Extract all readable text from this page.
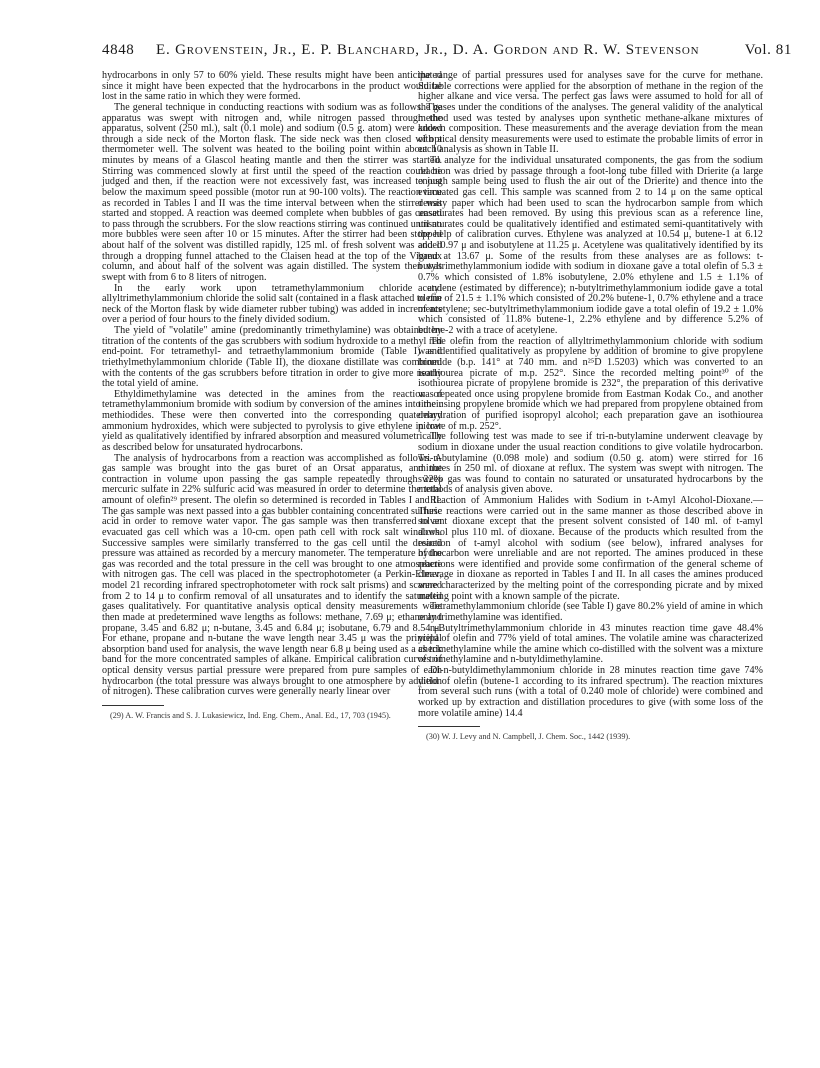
4848 E. Grovenstein, Jr., E. P. Blanchard, Jr., D. A. Gordon and R. W. Stevenson	Vol. 81

hydrocarbons in only 57 to 60% yield. These results might have been anticipated since it might have been expected that the hydrocarbons in the product would be lost in the same ratio in which they were formed.

The general technique in conducting reactions with sodium was as follows. The apparatus was swept with nitrogen and, while nitrogen passed through the apparatus, solvent (250 ml.), salt (0.1 mole) and sodium (0.5 g. atom) were added through a side neck of the Morton flask. The side neck was then closed with a thermometer well. The solvent was heated to the boiling point within about 10 minutes by means of a Glascol heating mantle and then the stirrer was started. Stirring was commenced slowly at first until the speed of the reaction could be judged and then, if the reaction were not excessively fast, was increased to just below the maximum speed possible (motor run at 90-100 volts). The reaction time as recorded in Tables I and II was the time interval between when the stirrer was started and stopped. A reaction was deemed complete when bubbles of gas ceased to pass through the scrubbers. For the slow reactions stirring was continued until no more bubbles were seen after 10 or 15 minutes. After the stirrer had been stopped about half of the solvent was distilled rapidly, 125 ml. of fresh solvent was added through a dropping funnel attached to the Claisen head at the top of the Vigreux column, and about half of the solvent was again distilled. The system then was swept with from 6 to 8 liters of nitrogen.

In the early work upon tetramethylammonium chloride and allyltrimethylammonium chloride the solid salt (contained in a flask attached to one neck of the Morton flask by wide diameter rubber tubing) was added in increments over a period of four hours to the finely divided sodium.

The yield of "volatile" amine (predominantly trimethylamine) was obtained by titration of the contents of the gas scrubbers with sodium hydroxide to a methyl red end-point. For tetramethyl- and tetraethylammonium bromide (Table I) and triethylmethylammonium chloride (Table II), the dioxane distillate was combined with the contents of the gas scrubbers before titration in order to give more nearly the total yield of amine.

Ethyldimethylamine was detected in the amines from the reaction of tetramethylammonium bromide with sodium by conversion of the amines into their methiodides. These were then converted into the corresponding quaternary ammonium hydroxides, which were subjected to pyrolysis to give ethylene in low yield as qualitatively identified by infrared absorption and measured volumetrically as described below for unsaturated hydrocarbons.

The analysis of hydrocarbons from a reaction was accomplished as follows. A gas sample was brought into the gas buret of an Orsat apparatus, and the contraction in volume upon passing the gas sample repeatedly through 22% mercuric sulfate in 22% sulfuric acid was measured in order to determine the total amount of olefin²⁹ present. The olefin so determined is recorded in Tables I and II. The gas sample was next passed into a gas bubbler containing concentrated sulfuric acid in order to remove water vapor. The gas sample was then transferred to an evacuated gas cell which was a 10-cm. open path cell with rock salt windows. Successive samples were similarly transferred to the gas cell until the desired pressure was attained as recorded by a mercury manometer. The temperature of the gas was recorded and the total pressure in the cell was brought to one atmosphere with nitrogen gas. The cell was placed in the spectrophotometer (a Perkin-Elmer, model 21 recording infrared spectrophotometer with rock salt prisms) and scanned from 2 to 14 μ to confirm removal of all unsaturates and to identify the saturated gases qualitatively. For quantitative analysis optical density measurements were then made at predetermined wave lengths as follows: methane, 7.69 μ; ethane and propane, 3.45 and 6.82 μ; n-butane, 3.45 and 6.84 μ; isobutane, 6.79 and 8.54 μ. For ethane, propane and n-butane the wave length near 3.45 μ was the principal absorption band used for analysis, the wave length near 6.8 μ being used as a check band for the more concentrated samples of alkane. Empirical calibration curves of optical density versus partial pressure were prepared from pure samples of each hydrocarbon (the total pressure was always brought to one atmosphere by addition of nitrogen). These calibration curves were generally nearly linear over

(29) A. W. Francis and S. J. Lukasiewicz, Ind. Eng. Chem., Anal. Ed., 17, 703 (1945).

the range of partial pressures used for analyses save for the curve for methane. Suitable corrections were applied for the absorption of methane in the region of the higher alkane and vice versa. The perfect gas laws were assumed to hold for all of the gases under the conditions of the analyses. The general validity of the analytical method used was tested by analyses upon synthetic methane-alkane mixtures of known composition. These measurements and the average deviation from the mean of optical density measurements were used to estimate the probable limits of error in each analysis as shown in Table II.

To analyze for the individual unsaturated components, the gas from the sodium reaction was dried by passage through a foot-long tube filled with Drierite (a large enough sample being used to flush the air out of the Drierite) and thence into the evacuated gas cell. This sample was scanned from 2 to 14 μ on the same optical density paper which had been used to scan the hydrocarbon sample from which unsaturates had been removed. By using this previous scan as a reference line, unsaturates could be qualitatively identified and estimated semi-quantitatively with the help of calibration curves. Ethylene was analyzed at 10.54 μ, butene-1 at 6.12 and 10.97 μ and isobutylene at 11.25 μ. Acetylene was qualitatively identified by its band at 13.67 μ. Some of the results from these analyses are as follows: t-butyltrimethylammonium iodide with sodium in dioxane gave a total olefin of 5.3 ± 0.7% which consisted of 1.8% isobutylene, 2.0% ethylene and 1.5 ± 1.1% of acetylene (estimated by difference); n-butyltrimethylammonium iodide gave a total olefin of 21.5 ± 1.1% which consisted of 20.2% butene-1, 0.7% ethylene and a trace of acetylene; sec-butyltrimethylammonium iodide gave a total olefin of 19.2 ± 1.0% which consisted of 11.8% butene-1, 2.2% ethylene and by difference 5.2% of butene-2 with a trace of acetylene.

The olefin from the reaction of allyltrimethylammonium chloride with sodium was identified qualitatively as propylene by addition of bromine to give propylene bromide (b.p. 141° at 740 mm. and n²⁵D 1.5203) which was converted to an isothiourea picrate of m.p. 252°. Since the recorded melting point³⁰ of the isothiourea picrate of propylene bromide is 232°, the preparation of this derivative was repeated once using propylene bromide from Eastman Kodak Co., and another time using propylene bromide which we had prepared from propylene obtained from dehydration of purified isopropyl alcohol; each preparation gave an isothiourea picrate of m.p. 252°.

The following test was made to see if tri-n-butylamine underwent cleavage by sodium in dioxane under the usual reaction conditions to give volatile hydrocarbon. Tri-n-butylamine (0.098 mole) and sodium (0.50 g. atom) were stirred for 16 minutes in 250 ml. of dioxane at reflux. The system was swept with nitrogen. The sweep gas was found to contain no saturated or unsaturated hydrocarbons by the methods of analysis given above.

Reaction of Ammonium Halides with Sodium in t-Amyl Alcohol-Dioxane.—These reactions were carried out in the same manner as those described above in solvent dioxane except that the present solvent consisted of 140 ml. of t-amyl alcohol plus 110 ml. of dioxane. Because of the products which resulted from the reaction of t-amyl alcohol with sodium (see below), infrared analyses for hydrocarbon were unreliable and are not reported. The amines produced in these reactions were identified and provide some confirmation of the general scheme of cleavage in dioxane as reported in Tables I and II. In all cases the amines produced were characterized by the melting point of the corresponding picrate and by mixed melting point with a known sample of the picrate.

Tetramethylammonium chloride (see Table I) gave 80.2% yield of amine in which only trimethylamine was identified.

n-Butyltrimethylammonium chloride in 43 minutes reaction time gave 48.4% yield of olefin and 77% yield of total amines. The volatile amine was characterized as trimethylamine while the amine which co-distilled with the solvent was a mixture of trimethylamine and n-butyldimethylamine.

Di-n-butyldimethylammonium chloride in 28 minutes reaction time gave 74% yield of olefin (butene-1 according to its infrared spectrum). The reaction mixtures from several such runs (with a total of 0.240 mole of chloride) were combined and worked up by extraction and distillation procedures to give (with some loss of the more volatile amine) 14.4

(30) W. J. Levy and N. Campbell, J. Chem. Soc., 1442 (1939).
